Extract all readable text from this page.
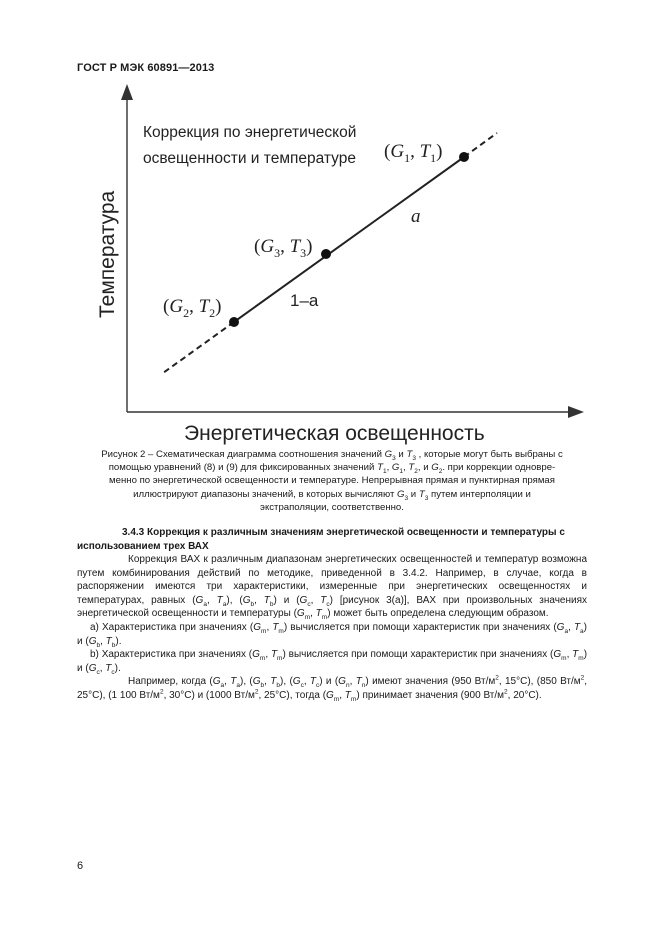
ГОСТ Р МЭК 60891—2013
Температура
Энергетическая освещенность
Коррекция по энергетической
освещенности и температуре ($G_1$, $T_1$)
($G_3$, $T_3$)
($G_2$, $T_2$)
a
1–a
Рисунок 2 – Схематическая диаграмма соотношения значений $G_3$ и $T_3$ , которые могут быть выбраны с
помощью уравнений (8) и (9) для фиксированных значений $T_1$, $G_1$, $T_2$, и $G_2$. при коррекции одновре-
менно по энергетической освещенности и температуре. Непрерывная прямая и пунктирная прямая
иллюстрируют диапазоны значений, в которых вычисляют $G_3$ и $T_3$ путем интерполяции и
экстраполяции, соответственно.
3.4.3 Коррекция к различным значениям энергетической освещенности и температуры с использованием трех ВАХ

Коррекция ВАХ к различным диапазонам энергетических освещенностей и температур возможна путем комбинирования действий по методике, приведенной в 3.4.2. Например, в случае, когда в распоряжении имеются три характеристики, измеренные при энергетических освещенностях и температурах, равных ($G_a$, $T_a$), ($G_b$, $T_b$) и ($G_c$, $T_c$) [рисунок 3(а)], ВАХ при произвольных значениях энергетической освещенности и температуры ($G_m$, $T_m$) может быть определена следующим образом.

а) Характеристика при значениях ($G_m$, $T_m$) вычисляется при помощи характеристик при значениях ($G_a$, $T_a$) и ($G_b$, $T_b$).

b) Характеристика при значениях ($G_m$, $T_m$) вычисляется при помощи характеристик при значениях ($G_m$, $T_m$) и ($G_c$, $T_c$).

Например, когда ($G_a$, $T_a$), ($G_b$, $T_b$), ($G_c$, $T_c$) и ($G_n$, $T_n$) имеют значения (950 $Вт/м^2$, 15°С), (850 $Вт/м^2$, 25°С), (1 100 $Вт/м^2$, 30°С) и (1000 $Вт/м^2$, 25°С), тогда ($G_m$, $T_m$) принимает значения (900 $Вт/м^2$, 20°С).

6
